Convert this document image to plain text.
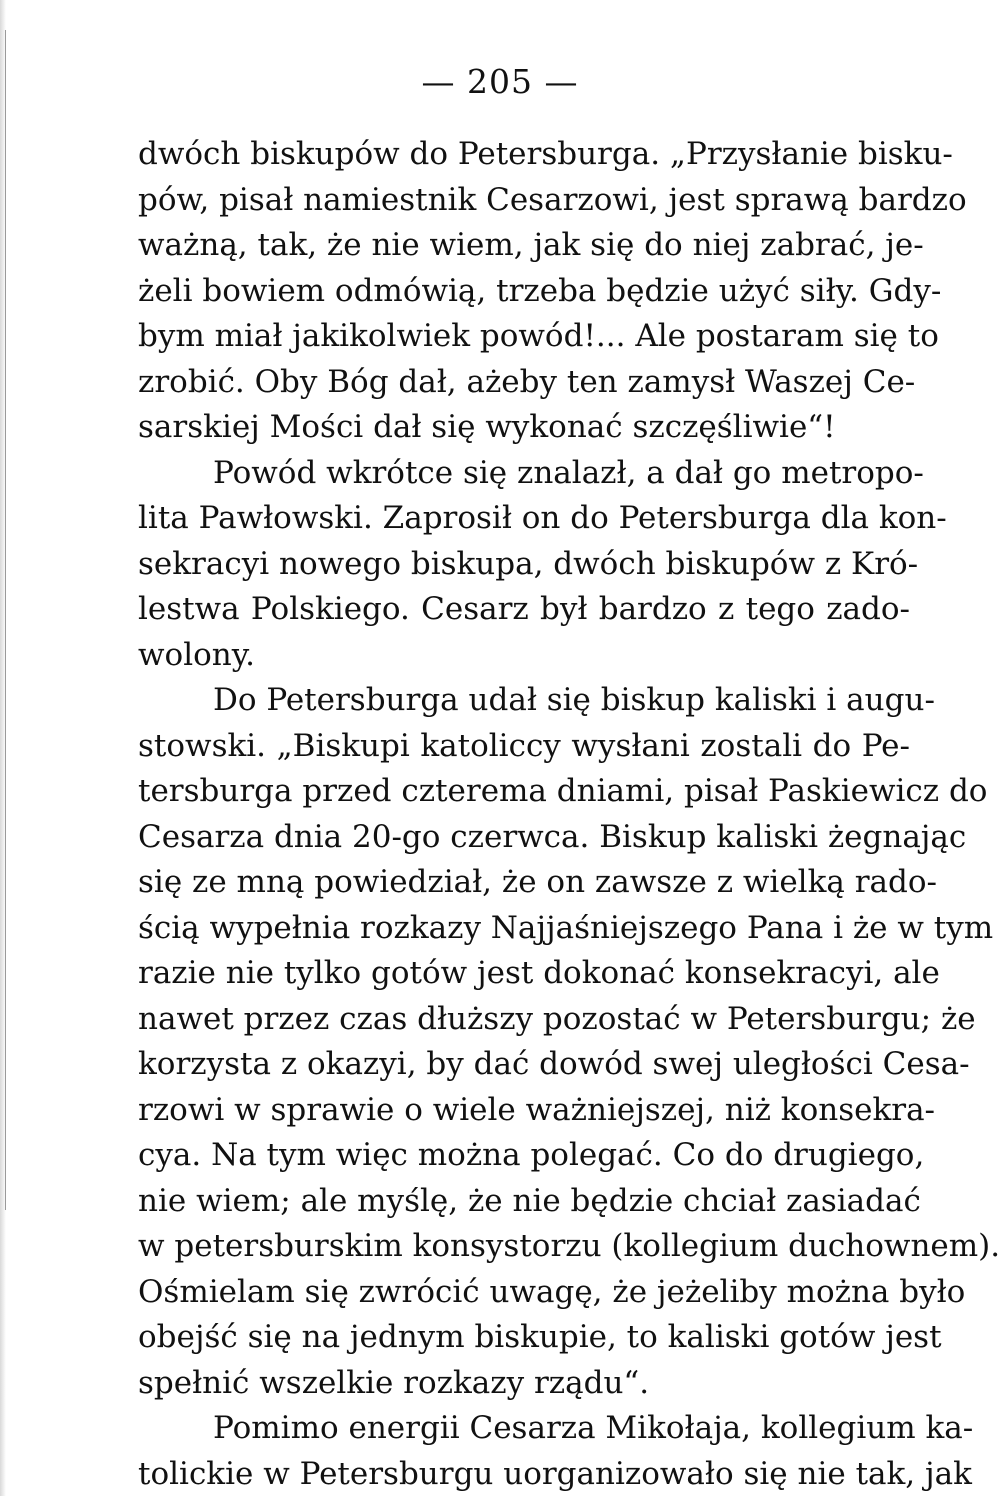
— 205 —
dwóch biskupów do Petersburga. „Przysłanie bisku-
pów, pisał namiestnik Cesarzowi, jest sprawą bardzo
ważną, tak, że nie wiem, jak się do niej zabrać, je-
żeli bowiem odmówią, trzeba będzie użyć siły. Gdy-
bym miał jakikolwiek powód!... Ale postaram się to
zrobić. Oby Bóg dał, ażeby ten zamysł Waszej Ce-
sarskiej Mości dał się wykonać szczęśliwie“!
Powód wkrótce się znalazł, a dał go metropo-
lita Pawłowski. Zaprosił on do Petersburga dla kon-
sekracyi nowego biskupa, dwóch biskupów z Kró-
lestwa Polskiego. Cesarz był bardzo z tego zado-
wolony.
Do Petersburga udał się biskup kaliski i augu-
stowski. „Biskupi katoliccy wysłani zostali do Pe-
tersburga przed czterema dniami, pisał Paskiewicz do
Cesarza dnia 20-go czerwca. Biskup kaliski żegnając
się ze mną powiedział, że on zawsze z wielką rado-
ścią wypełnia rozkazy Najjaśniejszego Pana i że w tym
razie nie tylko gotów jest dokonać konsekracyi, ale
nawet przez czas dłuższy pozostać w Petersburgu; że
korzysta z okazyi, by dać dowód swej uległości Cesa-
rzowi w sprawie o wiele ważniejszej, niż konsekra-
cya. Na tym więc można polegać. Co do drugiego,
nie wiem; ale myślę, że nie będzie chciał zasiadać
w petersburskim konsystorzu (kollegium duchownem).
Ośmielam się zwrócić uwagę, że jeżeliby można było
obejść się na jednym biskupie, to kaliski gotów jest
spełnić wszelkie rozkazy rządu“.
Pomimo energii Cesarza Mikołaja, kollegium ka-
tolickie w Petersburgu uorganizowało się nie tak, jak
